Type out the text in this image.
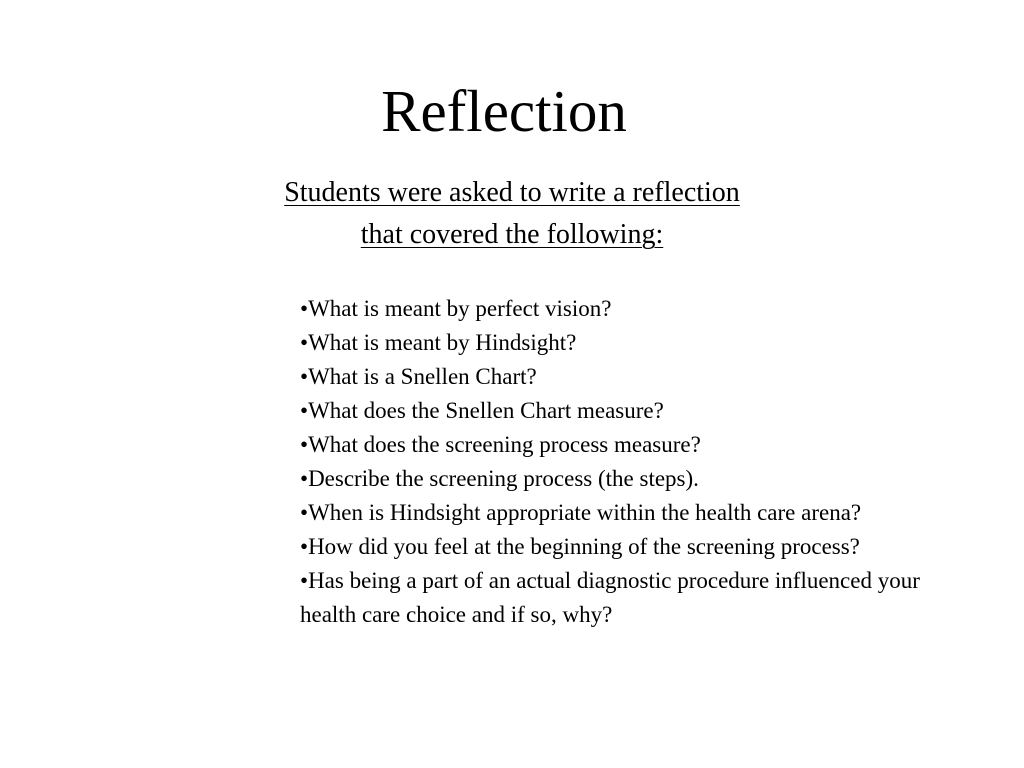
Reflection
Students were asked to write a reflection
that covered the following:
• What is meant by perfect vision?
• What is meant by Hindsight?
• What is a Snellen Chart?
• What does the Snellen Chart measure?
• What does the screening process measure?
• Describe the screening process (the steps).
• When is Hindsight appropriate within the health care arena?
• How did you feel at the beginning of the screening process?
• Has being a part of an actual diagnostic procedure influenced your health care choice and if so, why?
